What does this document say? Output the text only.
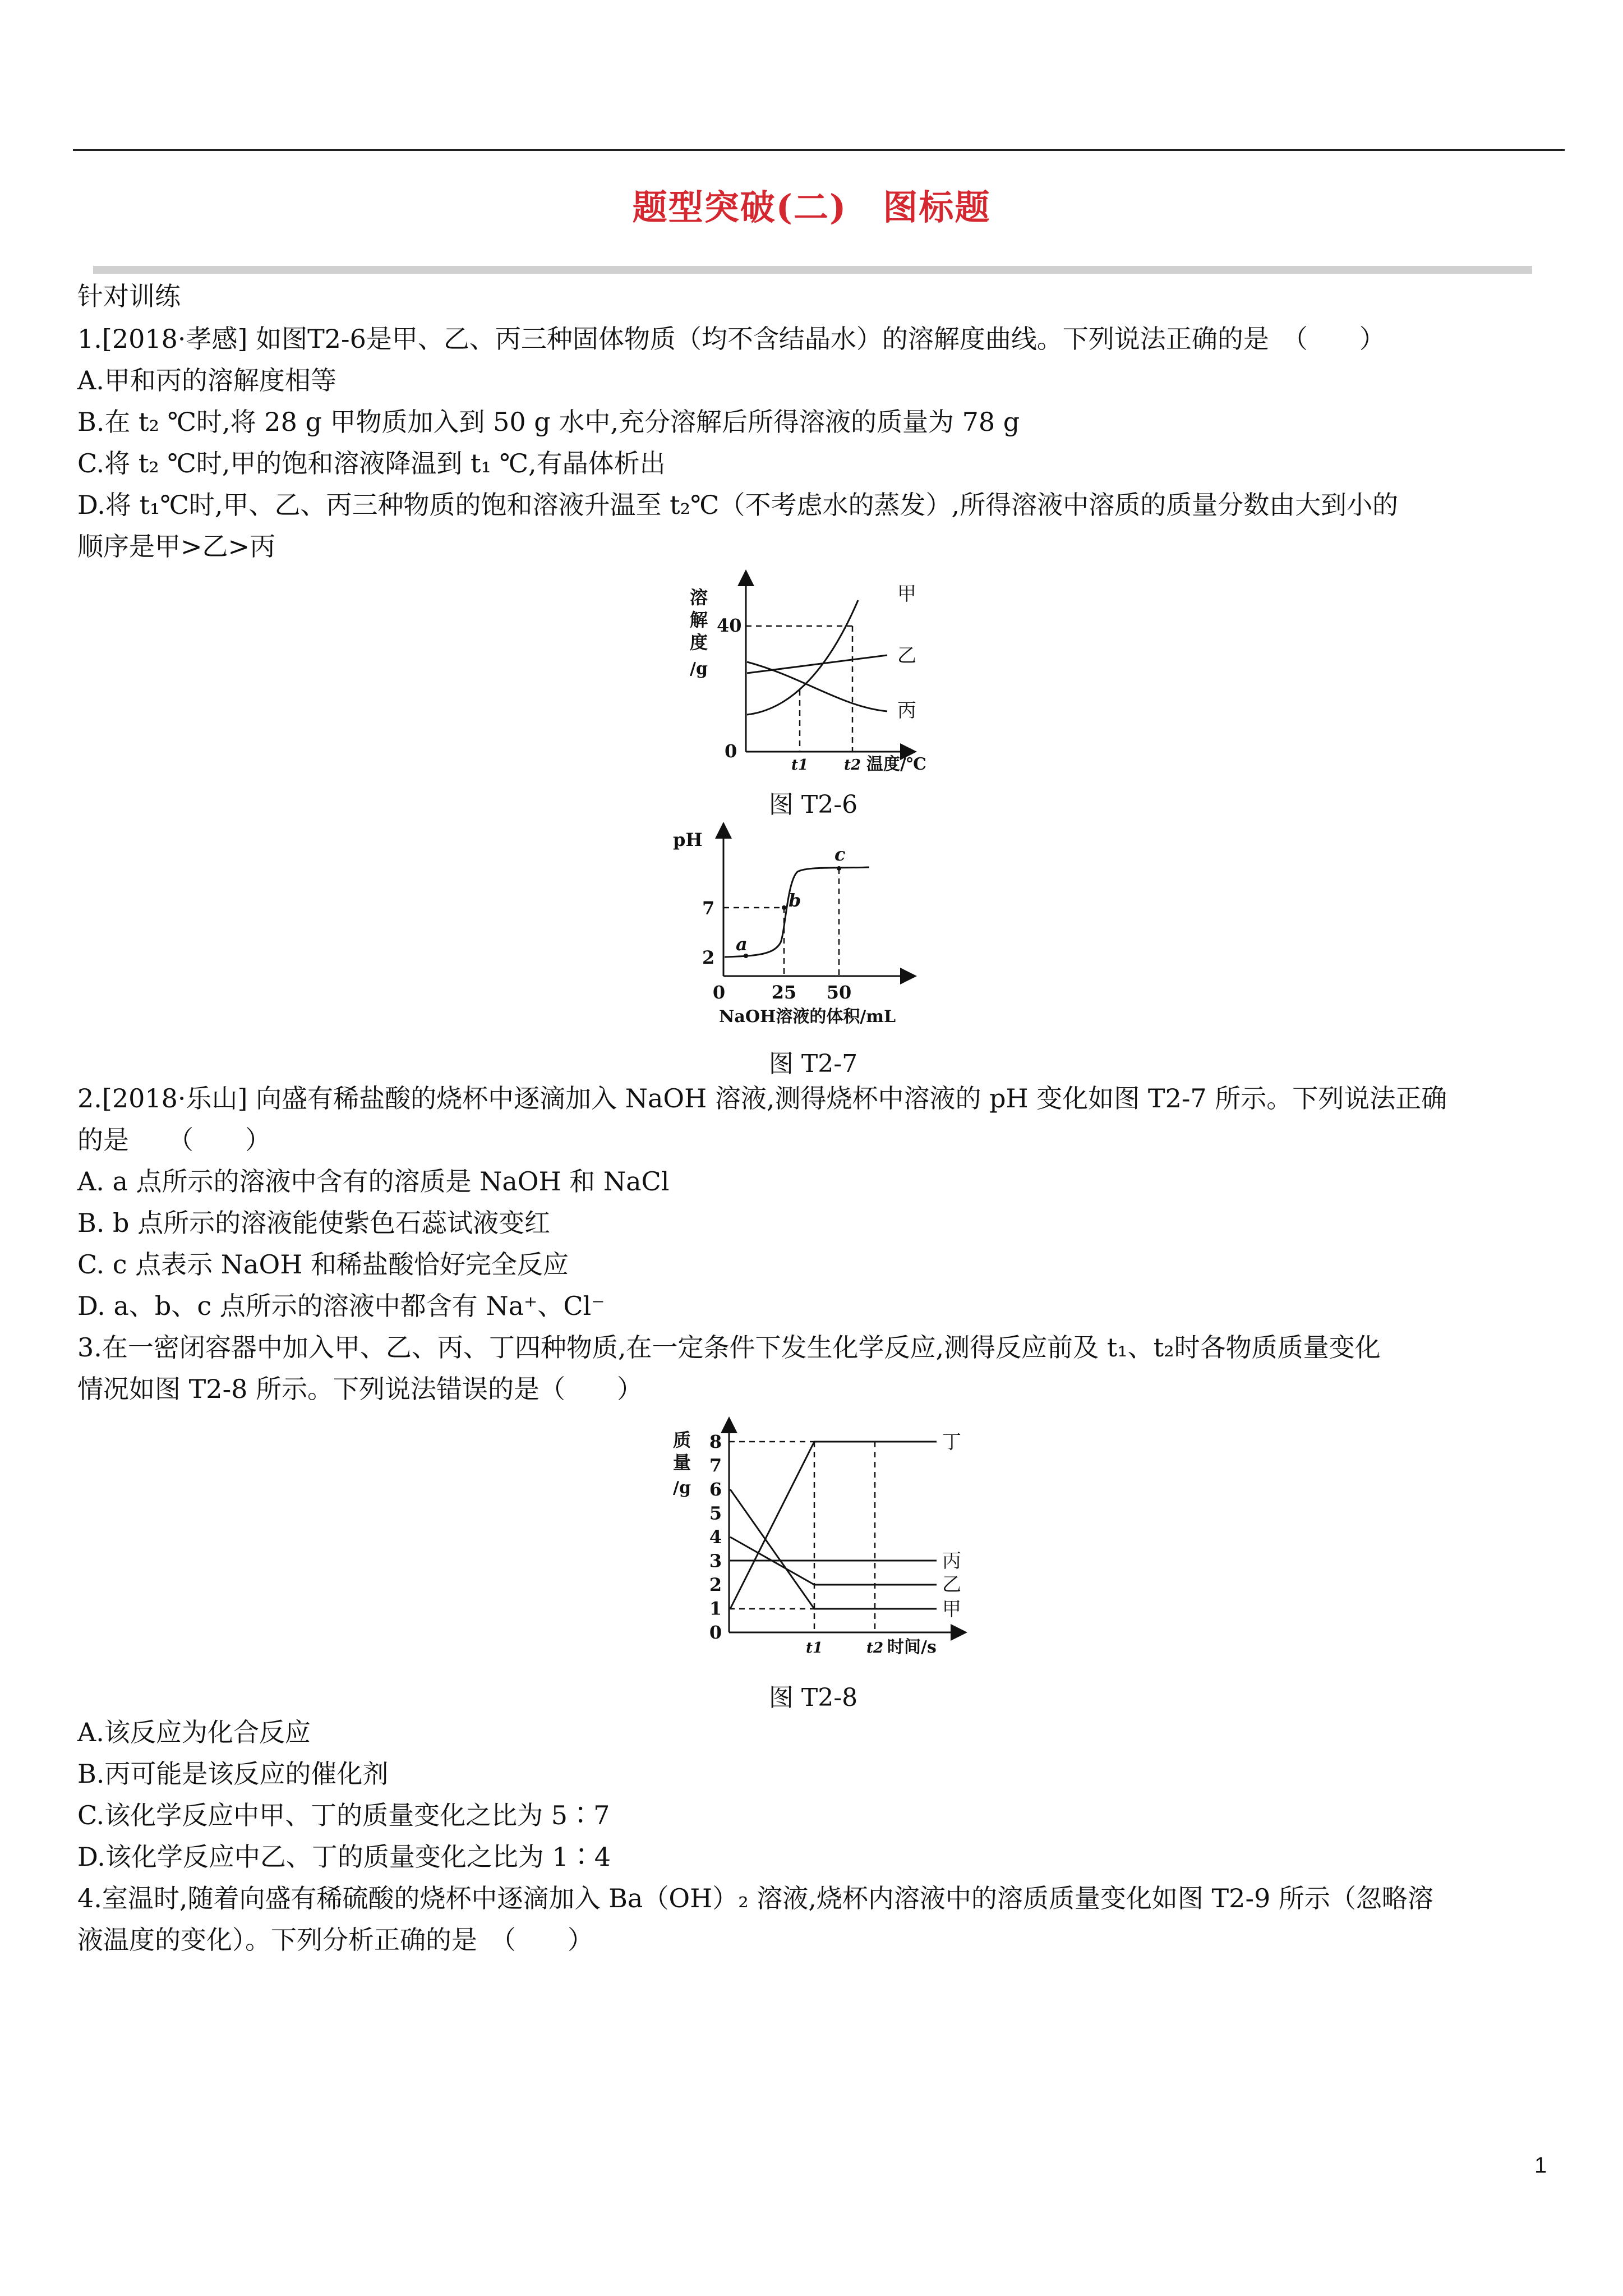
题型突破(二)　图标题
针对训练
1.[2018·孝感] 如图T2-6是甲、乙、丙三种固体物质（均不含结晶水）的溶解度曲线。下列说法正确的是　（　　）
A.甲和丙的溶解度相等
B.在 t₂ ℃时,将 28 g 甲物质加入到 50 g 水中,充分溶解后所得溶液的质量为 78 g
C.将 t₂ ℃时,甲的饱和溶液降温到 t₁ ℃,有晶体析出
D.将 t₁℃时,甲、乙、丙三种物质的饱和溶液升温至 t₂℃（不考虑水的蒸发）,所得溶液中溶质的质量分数由大到小的
顺序是甲>乙>丙
溶
解
度
/g
40
0
t1 t2 温度/℃
甲
乙
丙
图 T2-6
pH
7
2
a
b
c
0	25 50
NaOH溶液的体积/mL
图 T2-7
2.[2018·乐山] 向盛有稀盐酸的烧杯中逐滴加入 NaOH 溶液,测得烧杯中溶液的 pH 变化如图 T2-7 所示。下列说法正确
的是　　（　　）
A. a 点所示的溶液中含有的溶质是 NaOH 和 NaCl
B. b 点所示的溶液能使紫色石蕊试液变红
C. c 点表示 NaOH 和稀盐酸恰好完全反应
D. a、b、c 点所示的溶液中都含有 Na⁺、Cl⁻
3.在一密闭容器中加入甲、乙、丙、丁四种物质,在一定条件下发生化学反应,测得反应前及 t₁、t₂时各物质质量变化
情况如图 T2-8 所示。下列说法错误的是（　　）
质
量
/g
0
1
2
3
4
5
6
7
8
t1	t2 时间/s
丁
丙
乙
甲
图 T2-8
A.该反应为化合反应
B.丙可能是该反应的催化剂
C.该化学反应中甲、丁的质量变化之比为 5∶7
D.该化学反应中乙、丁的质量变化之比为 1∶4
4.室温时,随着向盛有稀硫酸的烧杯中逐滴加入 Ba（OH）₂ 溶液,烧杯内溶液中的溶质质量变化如图 T2-9 所示（忽略溶
液温度的变化）。下列分析正确的是　（　　）
1
